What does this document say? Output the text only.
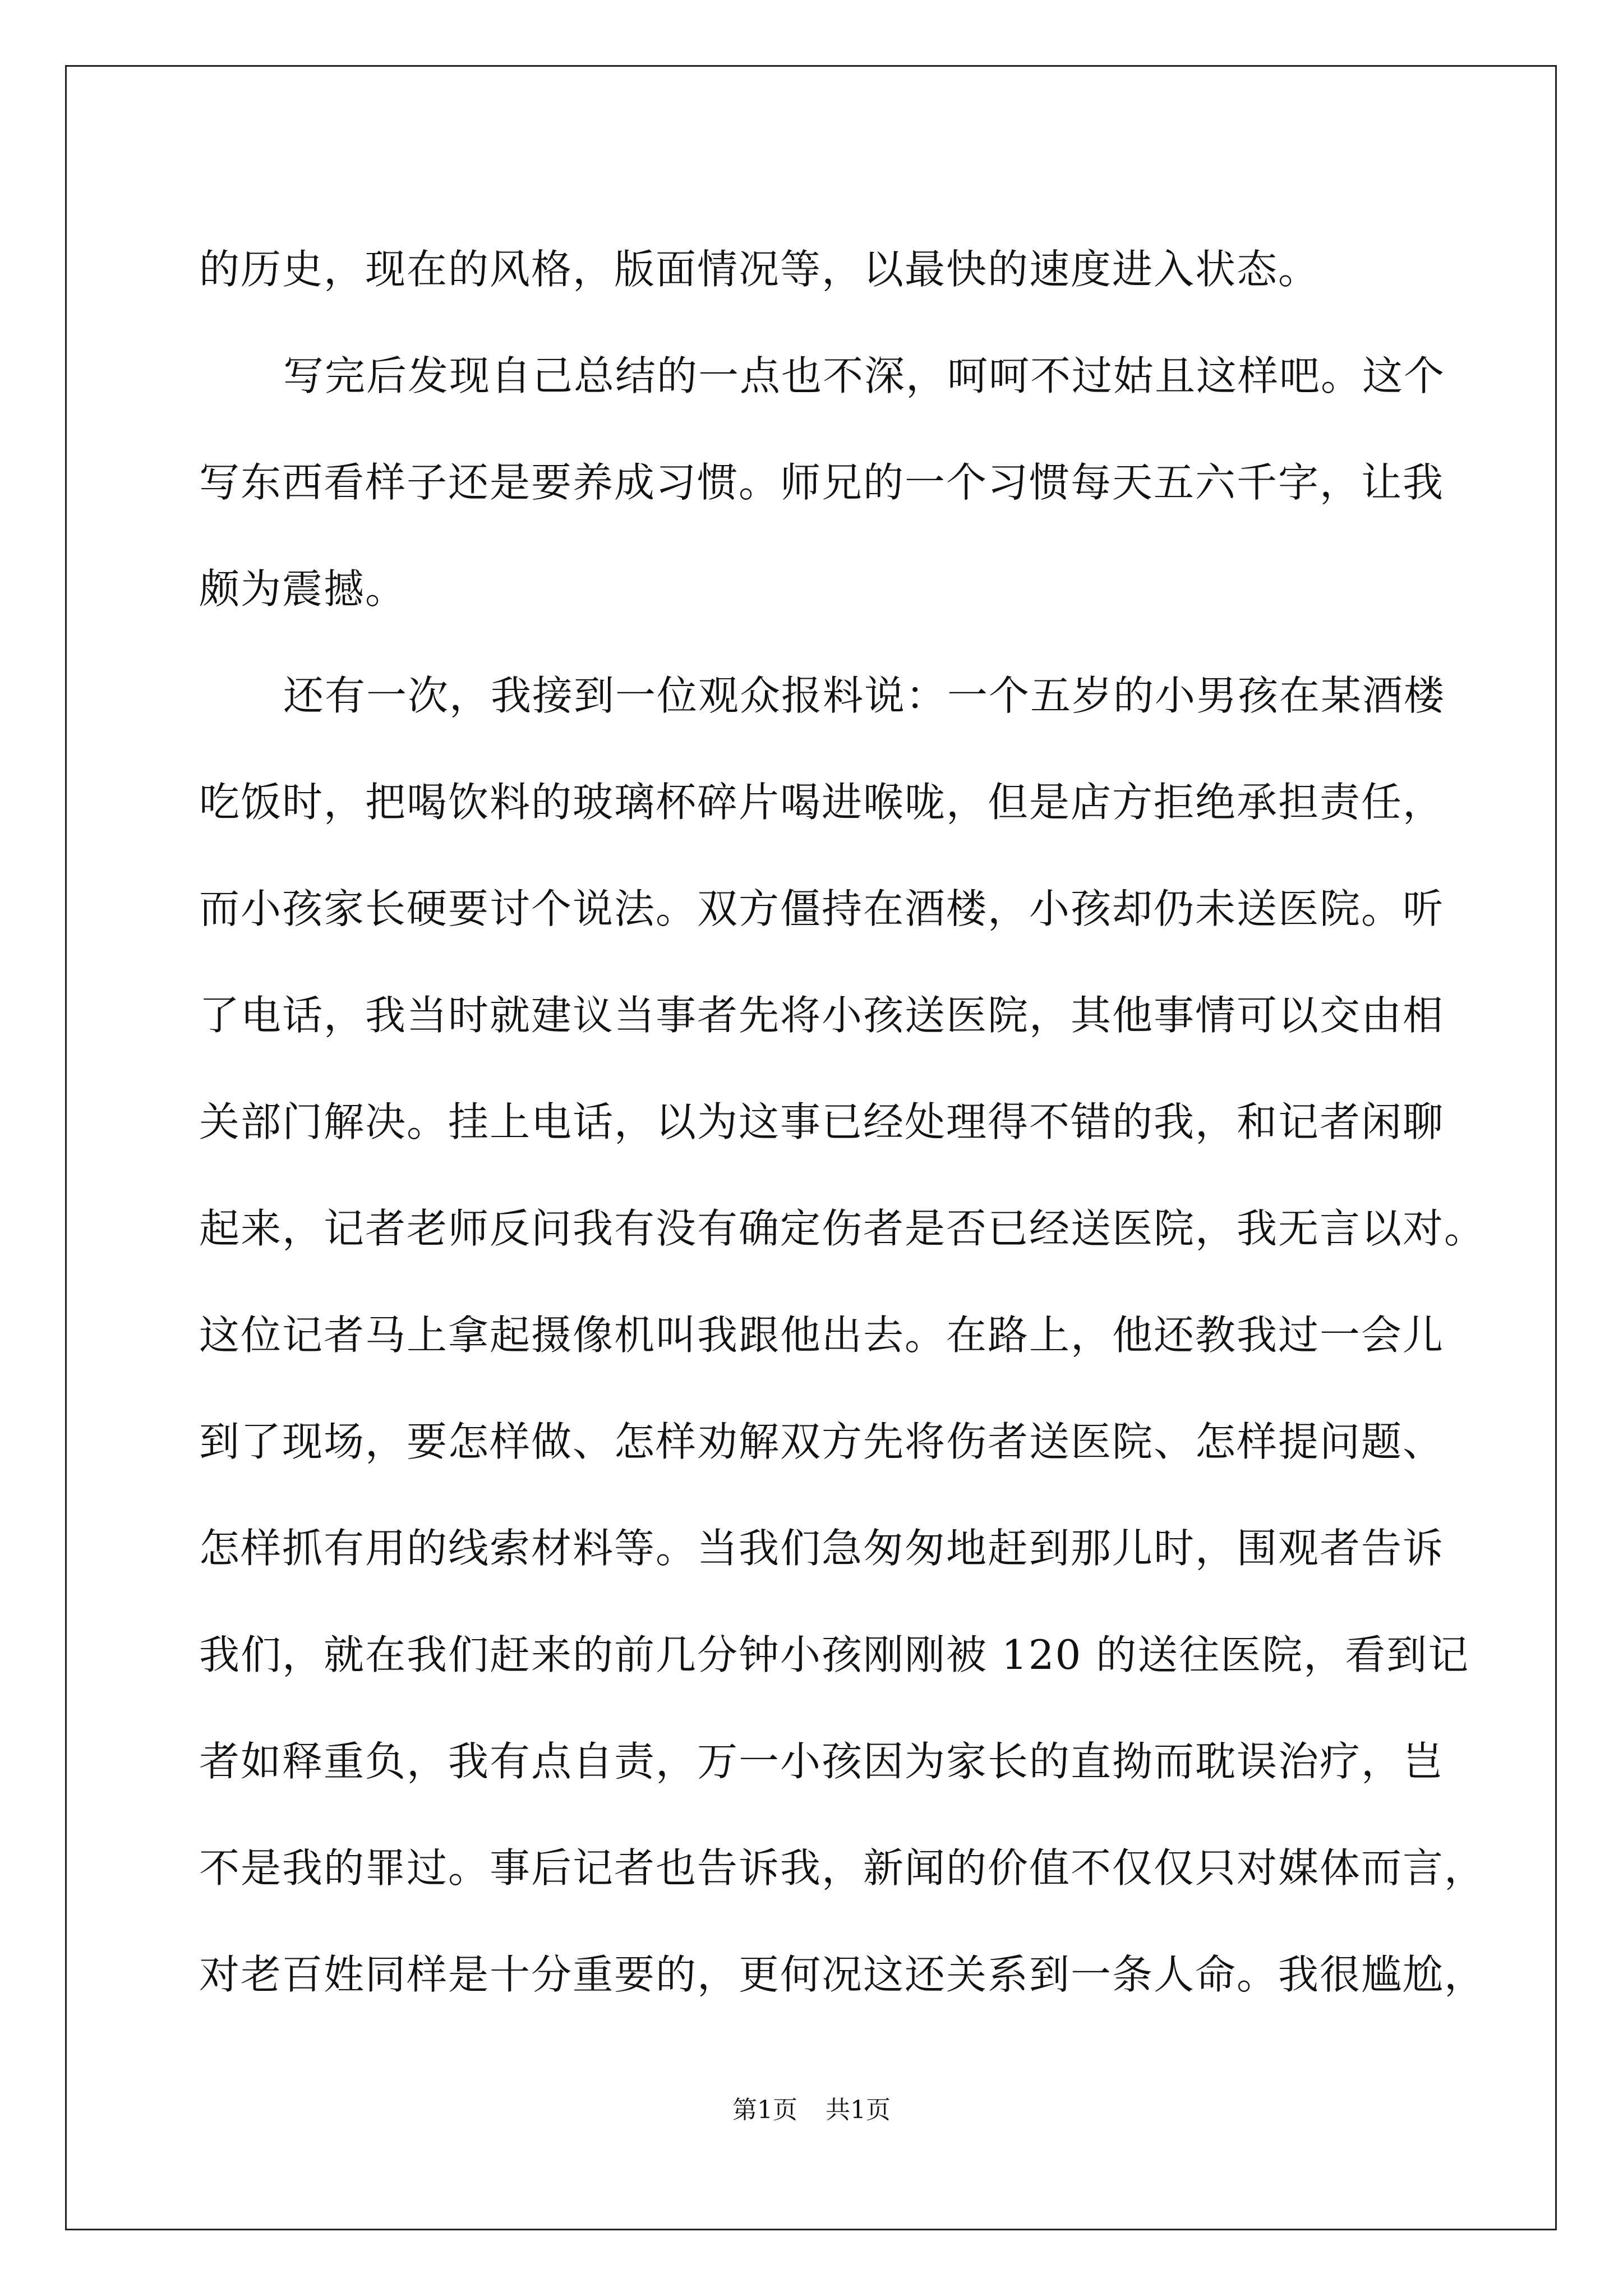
的历史，现在的风格，版面情况等，以最快的速度进入状态。
写完后发现自己总结的一点也不深，呵呵不过姑且这样吧。这个
写东西看样子还是要养成习惯。师兄的一个习惯每天五六千字，让我
颇为震撼。
还有一次，我接到一位观众报料说：一个五岁的小男孩在某酒楼
吃饭时，把喝饮料的玻璃杯碎片喝进喉咙，但是店方拒绝承担责任，
而小孩家长硬要讨个说法。双方僵持在酒楼，小孩却仍未送医院。听
了电话，我当时就建议当事者先将小孩送医院，其他事情可以交由相
关部门解决。挂上电话，以为这事已经处理得不错的我，和记者闲聊
起来，记者老师反问我有没有确定伤者是否已经送医院，我无言以对。
这位记者马上拿起摄像机叫我跟他出去。在路上，他还教我过一会儿
到了现场，要怎样做、怎样劝解双方先将伤者送医院、怎样提问题、
怎样抓有用的线索材料等。当我们急匆匆地赶到那儿时，围观者告诉
我们，就在我们赶来的前几分钟小孩刚刚被 120 的送往医院，看到记
者如释重负，我有点自责，万一小孩因为家长的直拗而耽误治疗，岂
不是我的罪过。事后记者也告诉我，新闻的价值不仅仅只对媒体而言，
对老百姓同样是十分重要的，更何况这还关系到一条人命。我很尴尬，
第1页 共1页
